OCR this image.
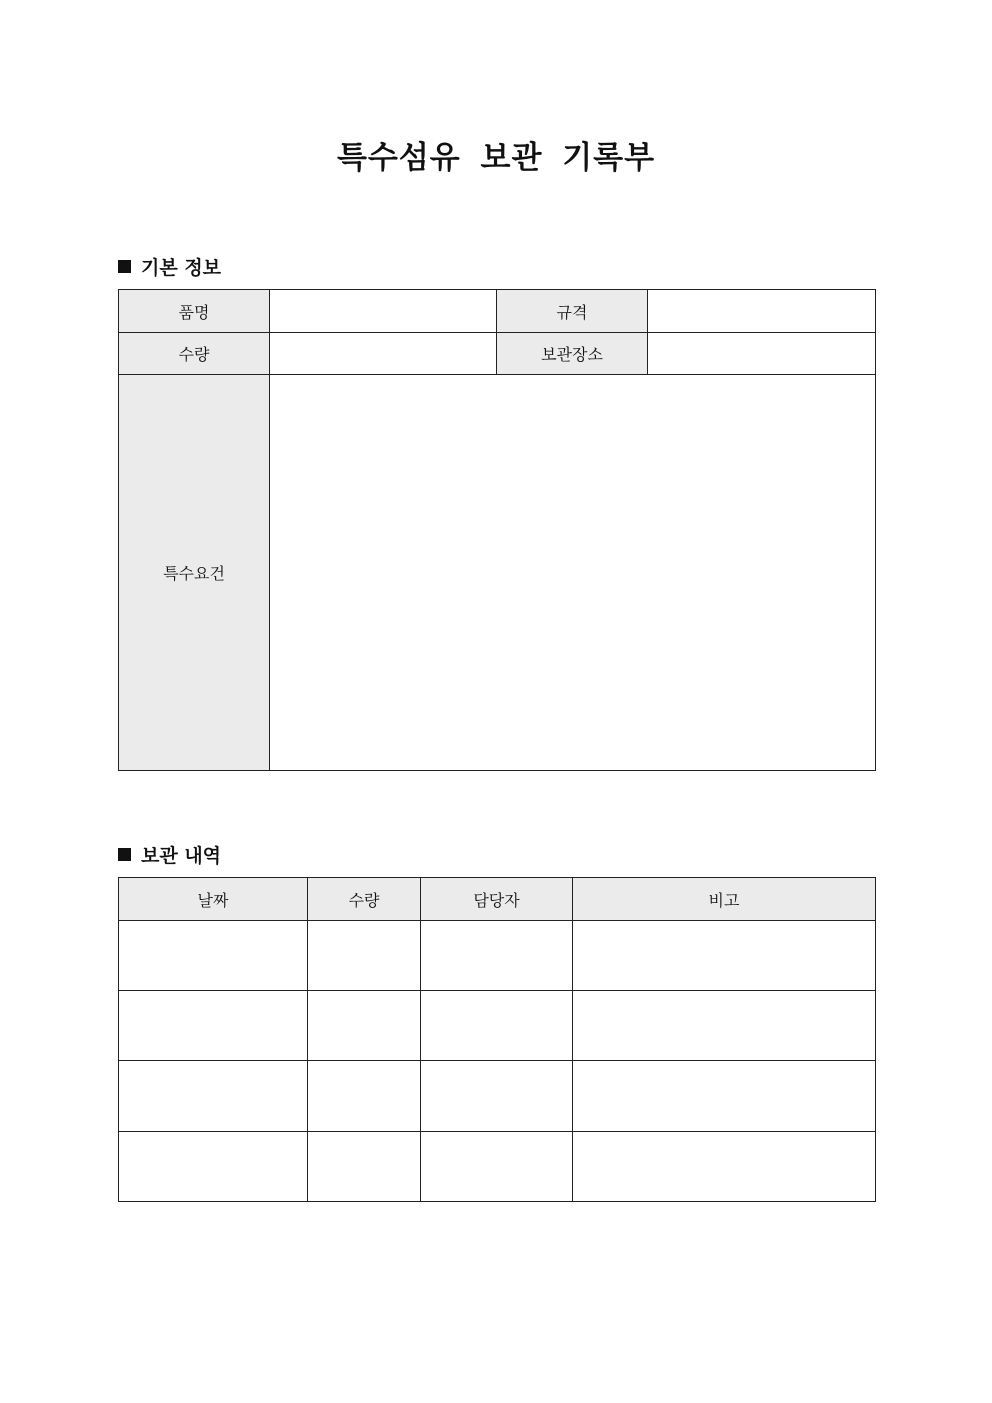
특수섬유 보관 기록부
기본 정보
품명		규격	
수량		보관장소	
특수요건			
보관 내역
날짜	수량	담당자	비고
